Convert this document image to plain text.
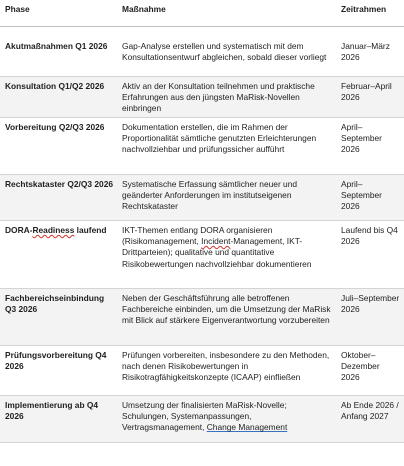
Phase	Maßnahme	Zeitrahmen
Akutmaßnahmen Q1 2026	Gap-Analyse erstellen und systematisch mit dem Konsultationsentwurf abgleichen, sobald dieser vorliegt	Januar–März 2026
Konsultation Q1/Q2 2026	Aktiv an der Konsultation teilnehmen und praktische Erfahrungen aus den jüngsten MaRisk-Novellen einbringen	Februar–April 2026
Vorbereitung Q2/Q3 2026	Dokumentation erstellen, die im Rahmen der Proportionalität sämtliche genutzten Erleichterungen nachvollziehbar und prüfungssicher aufführt	April–September 2026
Rechtskataster Q2/Q3 2026	Systematische Erfassung sämtlicher neuer und geänderter Anforderungen im institutseigenen Rechtskataster	April–September 2026
DORA-Readiness laufend	IKT-Themen entlang DORA organisieren (Risikomanagement, Incident-Management, IKT-Drittparteien); qualitative und quantitative Risikobewertungen nachvollziehbar dokumentieren	Laufend bis Q4 2026
Fachbereichseinbindung Q3 2026	Neben der Geschäftsführung alle betroffenen Fachbereiche einbinden, um die Umsetzung der MaRisk mit Blick auf stärkere Eigenverantwortung vorzubereiten	Juli–September 2026
Prüfungsvorbereitung Q4 2026	Prüfungen vorbereiten, insbesondere zu den Methoden, nach denen Risikobewertungen in Risikotragfähigkeitskonzepte (ICAAP) einfließen	Oktober–Dezember 2026
Implementierung ab Q4 2026	Umsetzung der finalisierten MaRisk-Novelle; Schulungen, Systemanpassungen, Vertragsmanagement, Change Management	Ab Ende 2026 / Anfang 2027
